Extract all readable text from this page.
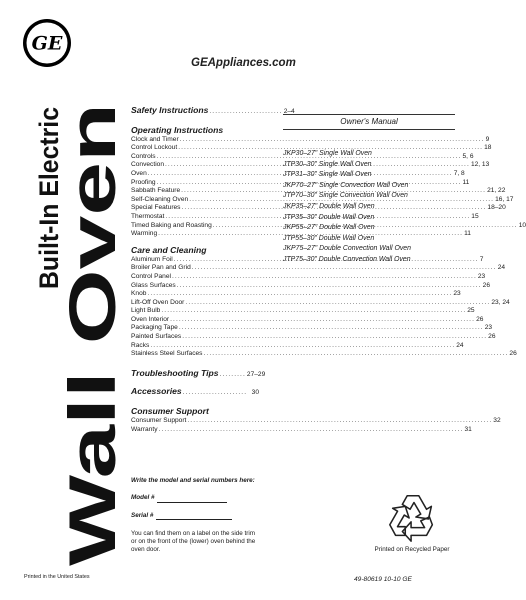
GE
GEAppliances.com
Built-In Electric
Wall Oven
Safety Instructions ......................... 2–4
Operating Instructions
Clock and Timer .....	9
Control Lockout .....	18
Controls .....	5, 6
Convection .....	12, 13
Oven .....	7, 8
Proofing .....	11
Sabbath Feature .....	21, 22
Self-Cleaning Oven .....	16, 17
Special Features .....	18–20
Thermostat .....	15
Timed Baking and Roasting .....	10
Warming .....	11
Care and Cleaning
Aluminum Foil .....	7
Broiler Pan and Grid .....	24
Control Panel .....	23
Glass Surfaces .....	26
Knob .....	23
Lift-Off Oven Door .....	23, 24
Light Bulb .....	25
Oven Interior .....	26
Packaging Tape .....	23
Painted Surfaces .....	26
Racks .....	24
Stainless Steel Surfaces .....	26
Troubleshooting Tips ......... 27–29
Accessories ...................... 30
Consumer Support
Consumer Support .....	32
Warranty .....	31
Write the model and serial numbers here:
Model #
Serial #
You can find them on a label on the side trim or on the front of the (lower) oven behind the oven door.
Owner's Manual
JKP30–27" Single Wall Oven
JTP30–30" Single Wall Oven
JTP31–30" Single Wall Oven
JKP70–27" Single Convection Wall Oven
JTP70–30" Single Convection Wall Oven
JKP35–27" Double Wall Oven
JTP35–30" Double Wall Oven
JKP55–27" Double Wall Oven
JTP55–30" Double Wall Oven
JKP75–27" Double Convection Wall Oven
JTP75–30" Double Convection Wall Oven
Printed on Recycled Paper
Printed in the United States	49-80619 10-10 GE
